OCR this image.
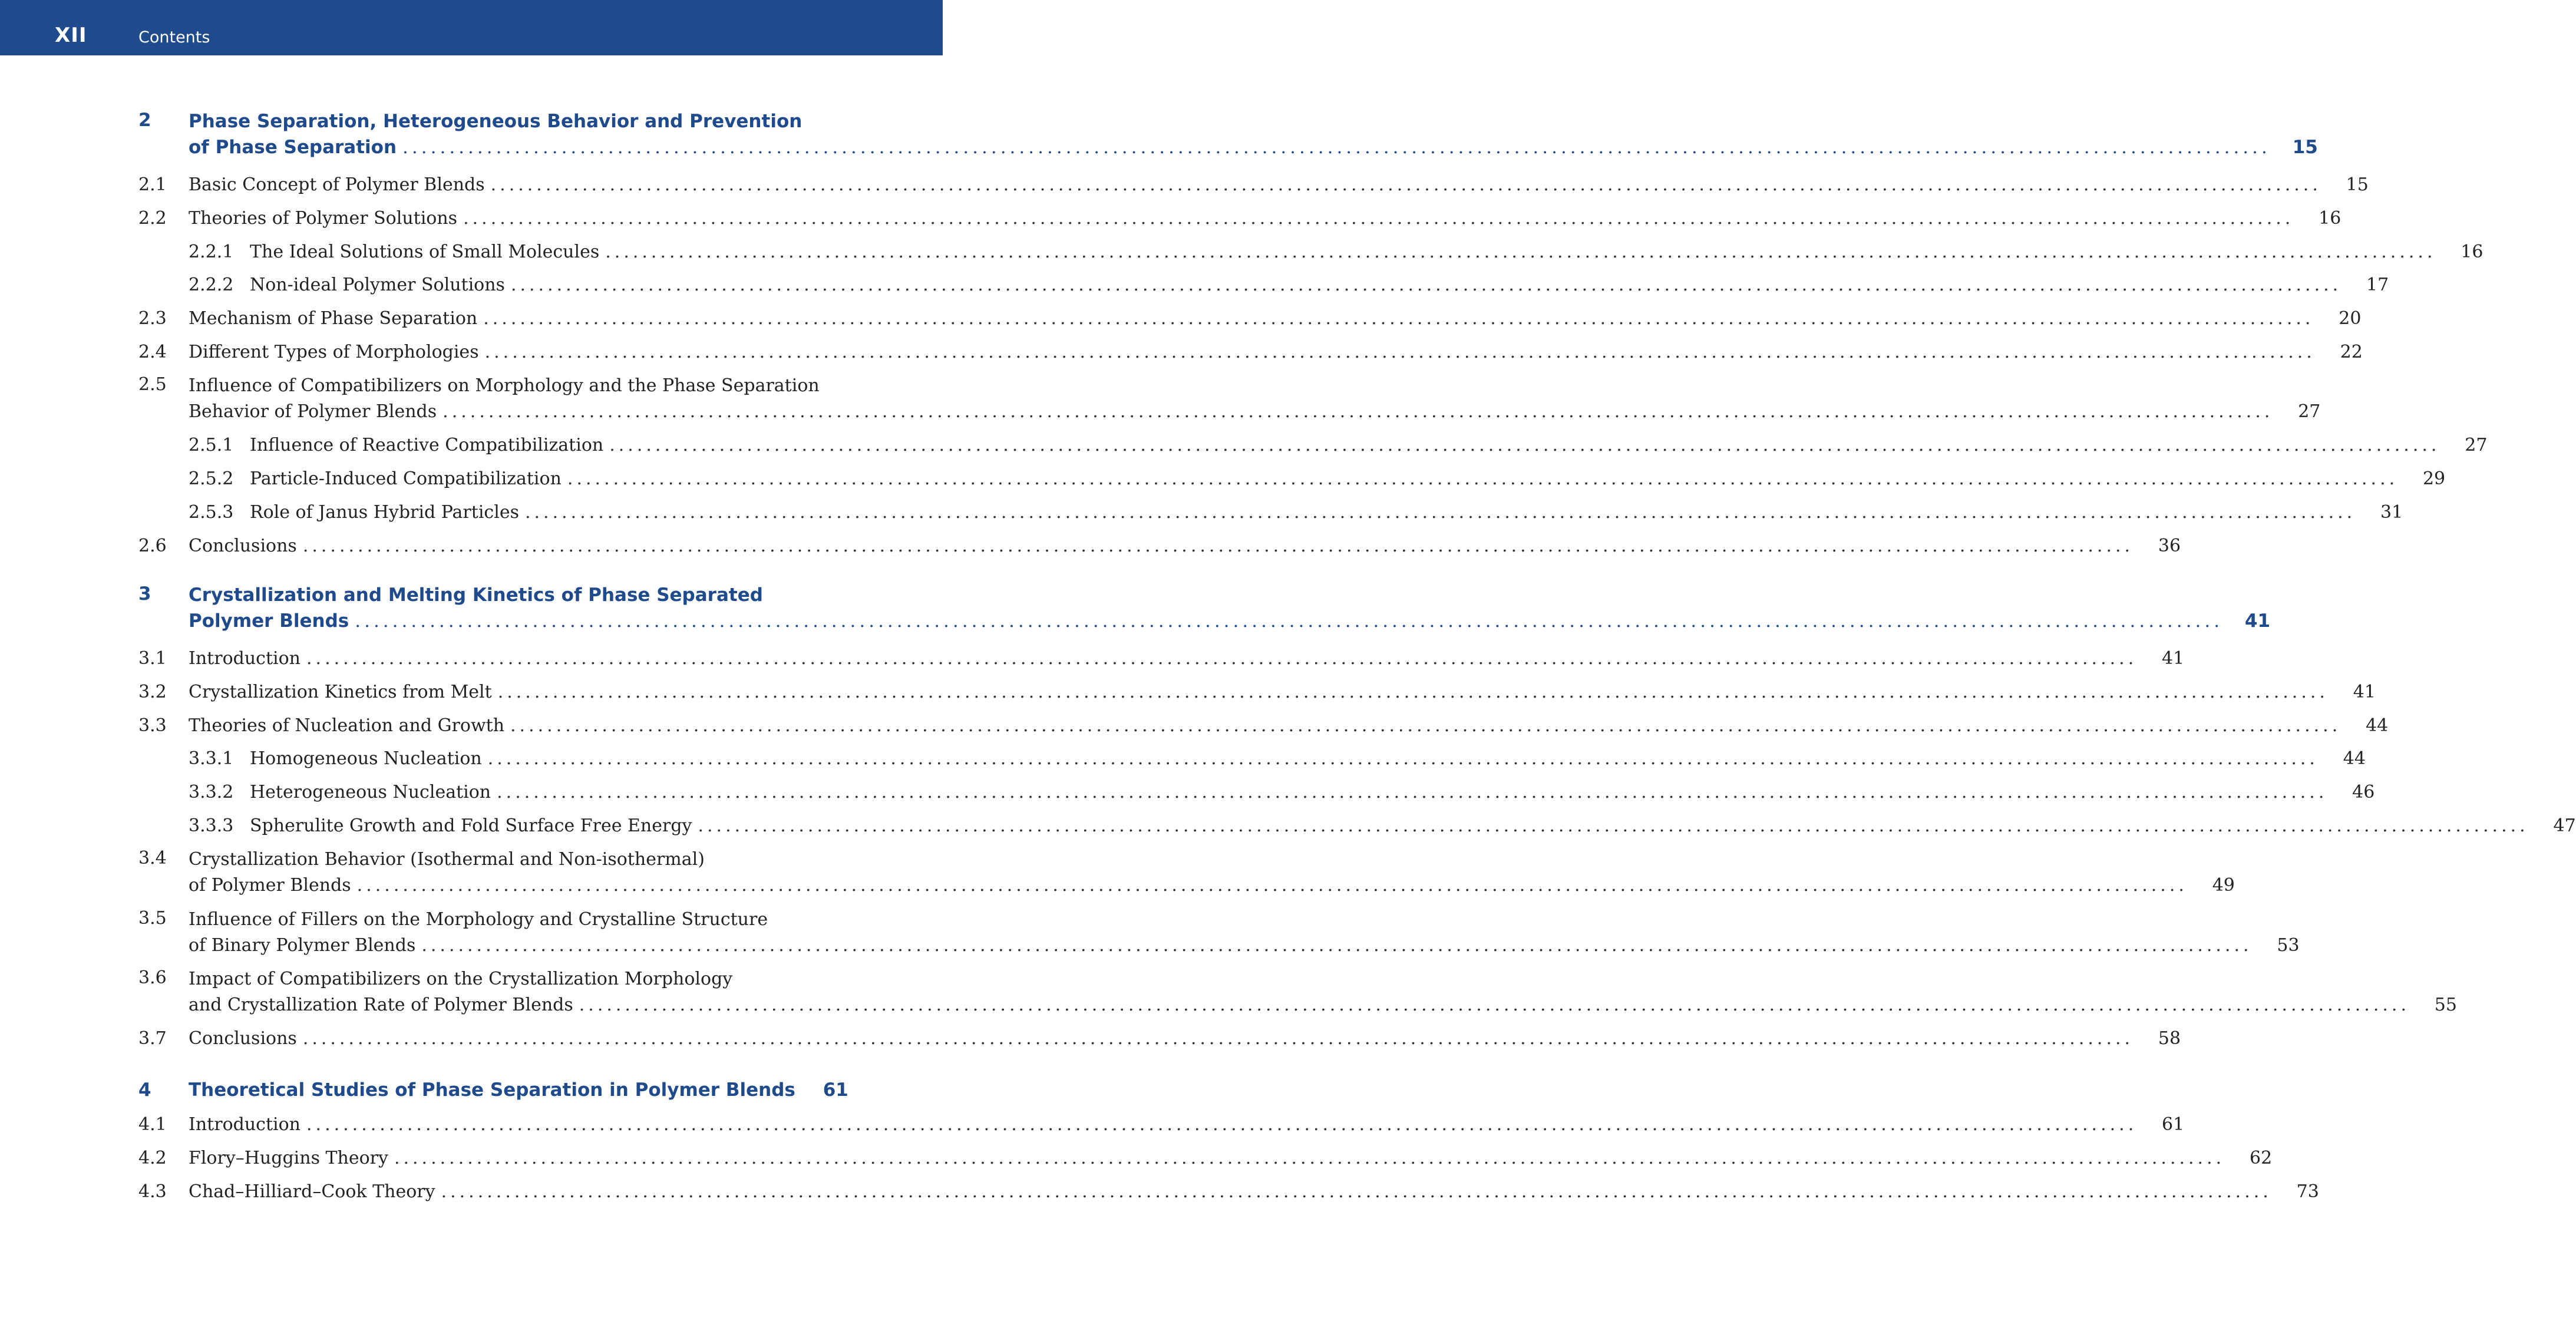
XII	Contents
2 Phase Separation, Heterogeneous Behavior and Prevention
of Phase Separation ........................................................................................................................................................................................................	15
2.1 Basic Concept of Polymer Blends ........................................................................................................................................................................................................	15
2.2 Theories of Polymer Solutions ........................................................................................................................................................................................................	16
2.2.1 The Ideal Solutions of Small Molecules ........................................................................................................................................................................................................	16
2.2.2 Non-ideal Polymer Solutions ........................................................................................................................................................................................................	17
2.3 Mechanism of Phase Separation ........................................................................................................................................................................................................	20
2.4 Different Types of Morphologies ........................................................................................................................................................................................................	22
2.5 Influence of Compatibilizers on Morphology and the Phase Separation
Behavior of Polymer Blends ........................................................................................................................................................................................................	27
2.5.1 Influence of Reactive Compatibilization ........................................................................................................................................................................................................	27
2.5.2 Particle-Induced Compatibilization ........................................................................................................................................................................................................	29
2.5.3 Role of Janus Hybrid Particles ........................................................................................................................................................................................................	31
2.6 Conclusions ........................................................................................................................................................................................................	36
3 Crystallization and Melting Kinetics of Phase Separated
Polymer Blends ........................................................................................................................................................................................................	41
3.1 Introduction ........................................................................................................................................................................................................	41
3.2 Crystallization Kinetics from Melt ........................................................................................................................................................................................................	41
3.3 Theories of Nucleation and Growth ........................................................................................................................................................................................................	44
3.3.1 Homogeneous Nucleation ........................................................................................................................................................................................................	44
3.3.2 Heterogeneous Nucleation ........................................................................................................................................................................................................	46
3.3.3 Spherulite Growth and Fold Surface Free Energy ........................................................................................................................................................................................................	47
3.4 Crystallization Behavior (Isothermal and Non-isothermal)
of Polymer Blends ........................................................................................................................................................................................................	49
3.5 Influence of Fillers on the Morphology and Crystalline Structure
of Binary Polymer Blends ........................................................................................................................................................................................................	53
3.6 Impact of Compatibilizers on the Crystallization Morphology
and Crystallization Rate of Polymer Blends ........................................................................................................................................................................................................	55
3.7 Conclusions ........................................................................................................................................................................................................	58
4 Theoretical Studies of Phase Separation in Polymer Blends	61
4.1 Introduction ........................................................................................................................................................................................................	61
4.2 Flory–Huggins Theory ........................................................................................................................................................................................................	62
4.3 Chad–Hilliard–Cook Theory ........................................................................................................................................................................................................	73
